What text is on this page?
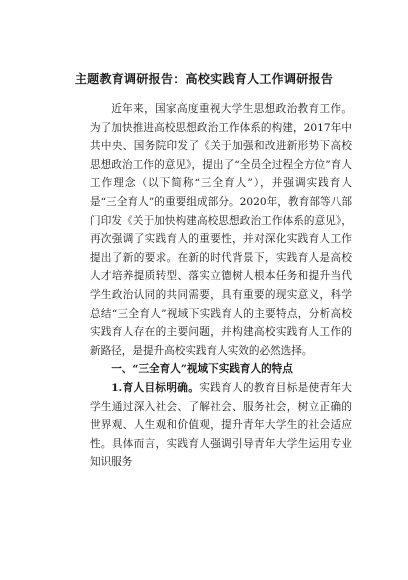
主题教育调研报告：高校实践育人工作调研报告

近年来，国家高度重视大学生思想政治教育工作。为了加快推进高校思想政治工作体系的构建，2017年中共中央、国务院印发了《关于加强和改进新形势下高校思想政治工作的意见》，提出了“全员全过程全方位”育人工作理念（以下简称“三全育人”），并强调实践育人是“三全育人”的重要组成部分。2020年，教育部等八部门印发《关于加快构建高校思想政治工作体系的意见》，再次强调了实践育人的重要性，并对深化实践育人工作提出了新的要求。在新的时代背景下，实践育人是高校人才培养提质转型、落实立德树人根本任务和提升当代学生政治认同的共同需要，具有重要的现实意义，科学总结“三全育人”视域下实践育人的主要特点，分析高校实践育人存在的主要问题，并构建高校实践育人工作的新路径，是提升高校实践育人实效的必然选择。

一、“三全育人”视域下实践育人的特点

1.育人目标明确。实践育人的教育目标是使青年大学生通过深入社会、了解社会、服务社会，树立正确的世界观、人生观和价值观，提升青年大学生的社会适应性。具体而言，实践育人强调引导青年大学生运用专业知识服务
